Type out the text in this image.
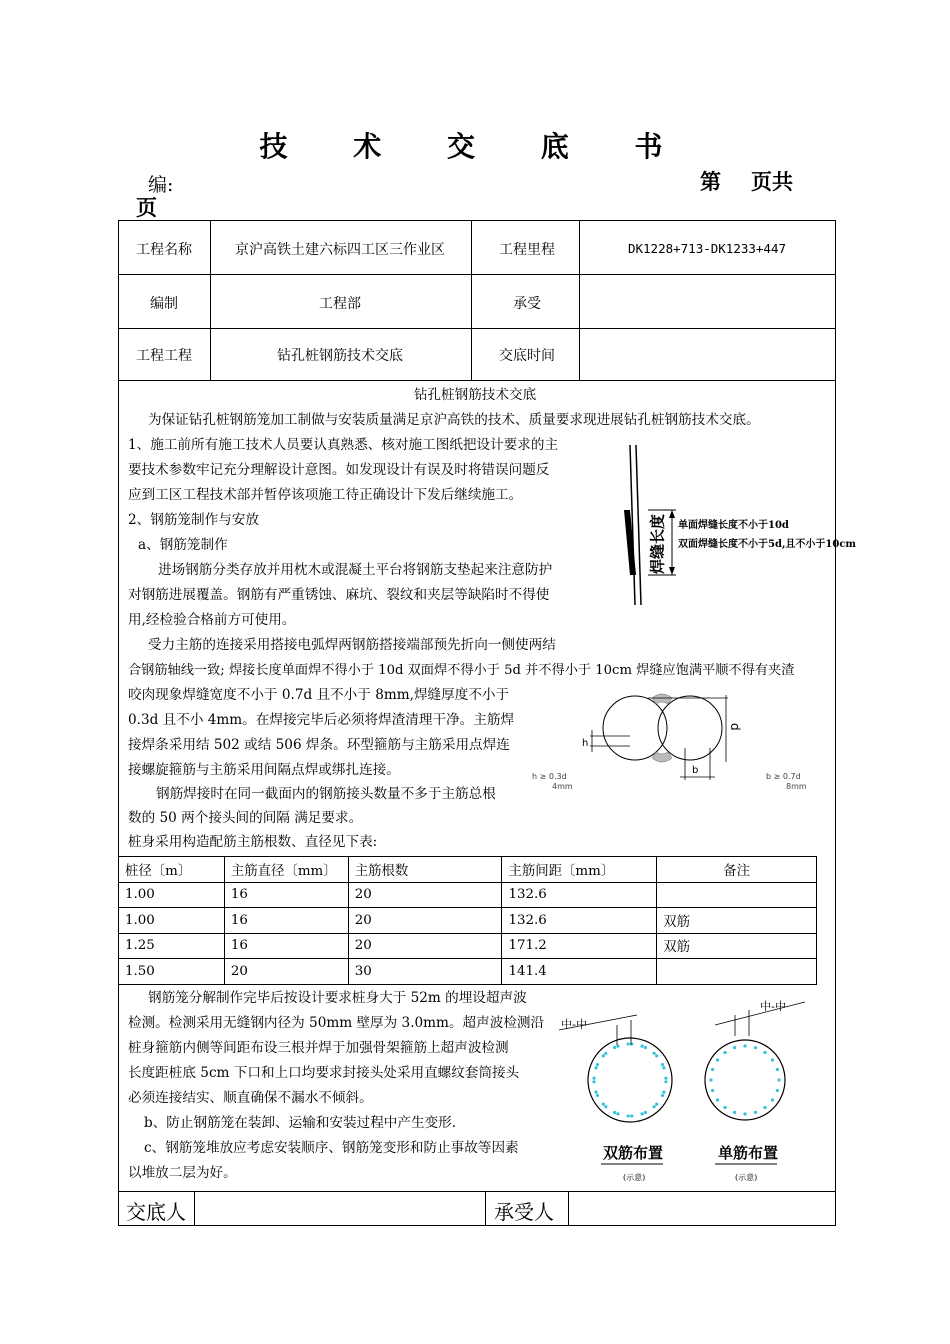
技 术 交 底 书
编:	第 页共
页
工程名称	京沪高铁土建六标四工区三作业区	工程里程	DK1228+713-DK1233+447
编制	工程部	承受
工程工程	钻孔桩钢筋技术交底	交底时间
钻孔桩钢筋技术交底
为保证钻孔桩钢筋笼加工制做与安装质量满足京沪高铁的技术、质量要求现进展钻孔桩钢筋技术交底。
1、施工前所有施工技术人员要认真熟悉、核对施工图纸把设计要求的主
要技术参数牢记充分理解设计意图。如发现设计有误及时将错误问题反
应到工区工程技术部并暂停该项施工待正确设计下发后继续施工。
2、钢筋笼制作与安放
a、钢筋笼制作
进场钢筋分类存放并用枕木或混凝土平台将钢筋支垫起来注意防护
对钢筋进展覆盖。钢筋有严重锈蚀、麻坑、裂纹和夹层等缺陷时不得使
用,经检验合格前方可使用。
受力主筋的连接采用搭接电弧焊两钢筋搭接端部预先折向一侧使两结
合钢筋轴线一致; 焊接长度单面焊不得小于 10d 双面焊不得小于 5d 并不得小于 10cm 焊缝应饱满平顺不得有夹渣
咬肉现象焊缝宽度不小于 0.7d 且不小于 8mm,焊缝厚度不小于
0.3d 且不小 4mm。在焊接完毕后必须将焊渣清理干净。主筋焊
接焊条采用结 502 或结 506 焊条。环型箍筋与主筋采用点焊连
接螺旋箍筋与主筋采用间隔点焊或绑扎连接。
钢筋焊接时在同一截面内的钢筋接头数量不多于主筋总根
数的 50 两个接头间的间隔 满足要求。
桩身采用构造配筋主筋根数、直径见下表:
桩径〔m〕	主筋直径〔mm〕	主筋根数	主筋间距〔mm〕	备注
1.00	16	20	132.6	
1.00	16	20	132.6	双筋
1.25	16	20	171.2	双筋
1.50	20	30	141.4	
钢筋笼分解制作完毕后按设计要求桩身大于 52m 的埋设超声波
检测。检测采用无缝钢内径为 50mm 壁厚为 3.0mm。超声波检测沿
桩身箍筋内侧等间距布设三根并焊于加强骨架箍筋上超声波检测
长度距桩底 5cm 下口和上口均要求封接头处采用直螺纹套筒接头
必须连接结实、顺直确保不漏水不倾斜。
b、防止钢筋笼在装卸、运输和安装过程中产生变形.
c、钢筋笼堆放应考虑安装顺序、钢筋笼变形和防止事故等因素
以堆放二层为好。
交底人	承受人
焊缝长度 单面焊缝长度不小于10d
双面焊缝长度不小于5d,且不小于10cm
h
d
b
h ≥ 0.3d
4mm
b ≥ 0.7d
8mm
中-中
双筋布置
(示意)
中-中
单筋布置
(示意)
